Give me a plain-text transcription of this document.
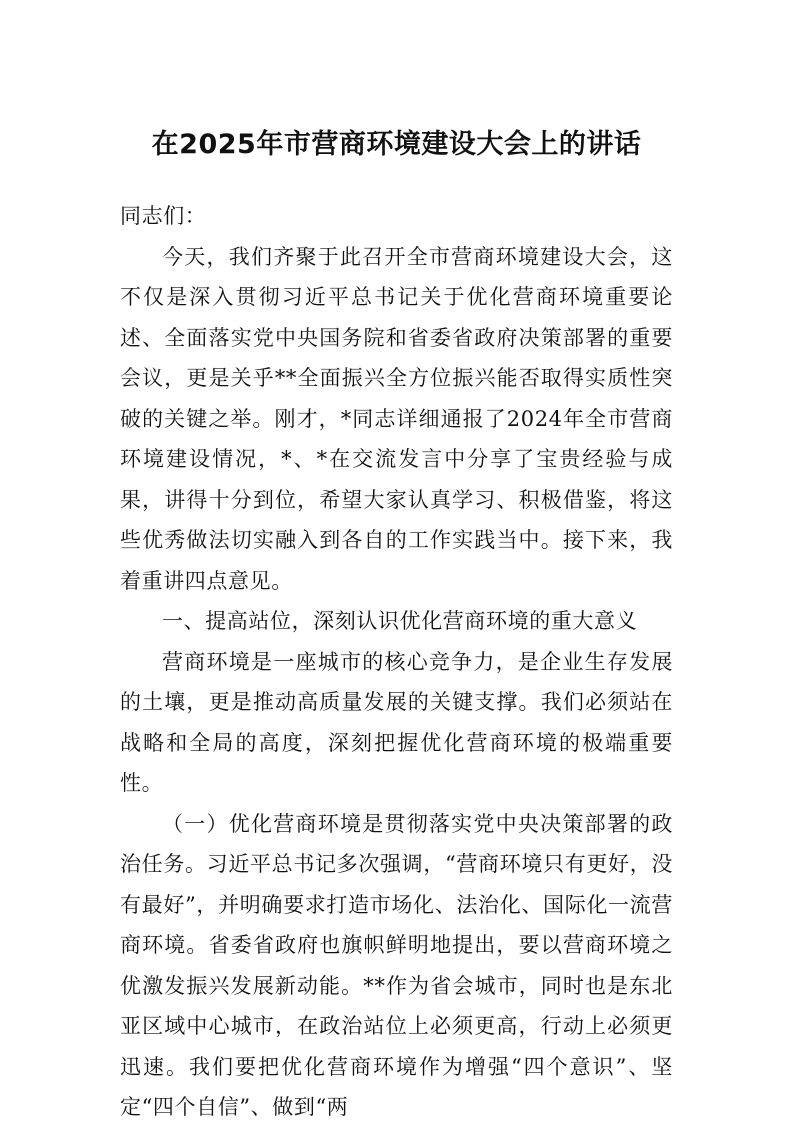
在2025年市营商环境建设大会上的讲话

同志们：

今天，我们齐聚于此召开全市营商环境建设大会，这不仅是深入贯彻习近平总书记关于优化营商环境重要论述、全面落实党中央国务院和省委省政府决策部署的重要会议，更是关乎**全面振兴全方位振兴能否取得实质性突破的关键之举。刚才，*同志详细通报了2024年全市营商环境建设情况，*、*在交流发言中分享了宝贵经验与成果，讲得十分到位，希望大家认真学习、积极借鉴，将这些优秀做法切实融入到各自的工作实践当中。接下来，我着重讲四点意见。

一、提高站位，深刻认识优化营商环境的重大意义

营商环境是一座城市的核心竞争力，是企业生存发展的土壤，更是推动高质量发展的关键支撑。我们必须站在战略和全局的高度，深刻把握优化营商环境的极端重要性。

（一）优化营商环境是贯彻落实党中央决策部署的政治任务。习近平总书记多次强调，“营商环境只有更好，没有最好”，并明确要求打造市场化、法治化、国际化一流营商环境。省委省政府也旗帜鲜明地提出，要以营商环境之优激发振兴发展新动能。**作为省会城市，同时也是东北亚区域中心城市，在政治站位上必须更高，行动上必须更迅速。我们要把优化营商环境作为增强“四个意识”、坚定“四个自信”、做到“两
